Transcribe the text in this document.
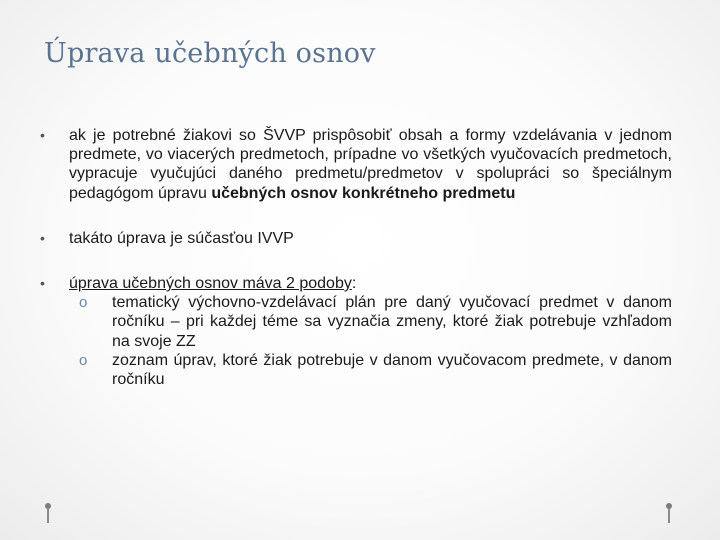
Úprava učebných osnov
• ak je potrebné žiakovi so ŠVVP prispôsobiť obsah a formy vzdelávania v jednom predmete, vo viacerých predmetoch, prípadne vo všetkých vyučovacích predmetoch, vypracuje vyučujúci daného predmetu/predmetov v spolupráci so špeciálnym pedagógom úpravu učebných osnov konkrétneho predmetu
• takáto úprava je súčasťou IVVP
• úprava učebných osnov máva 2 podoby:
o tematický výchovno-vzdelávací plán pre daný vyučovací predmet v danom ročníku – pri každej téme sa vyznačia zmeny, ktoré žiak potrebuje vzhľadom na svoje ZZ
o zoznam úprav, ktoré žiak potrebuje v danom vyučovacom predmete, v danom ročníku
